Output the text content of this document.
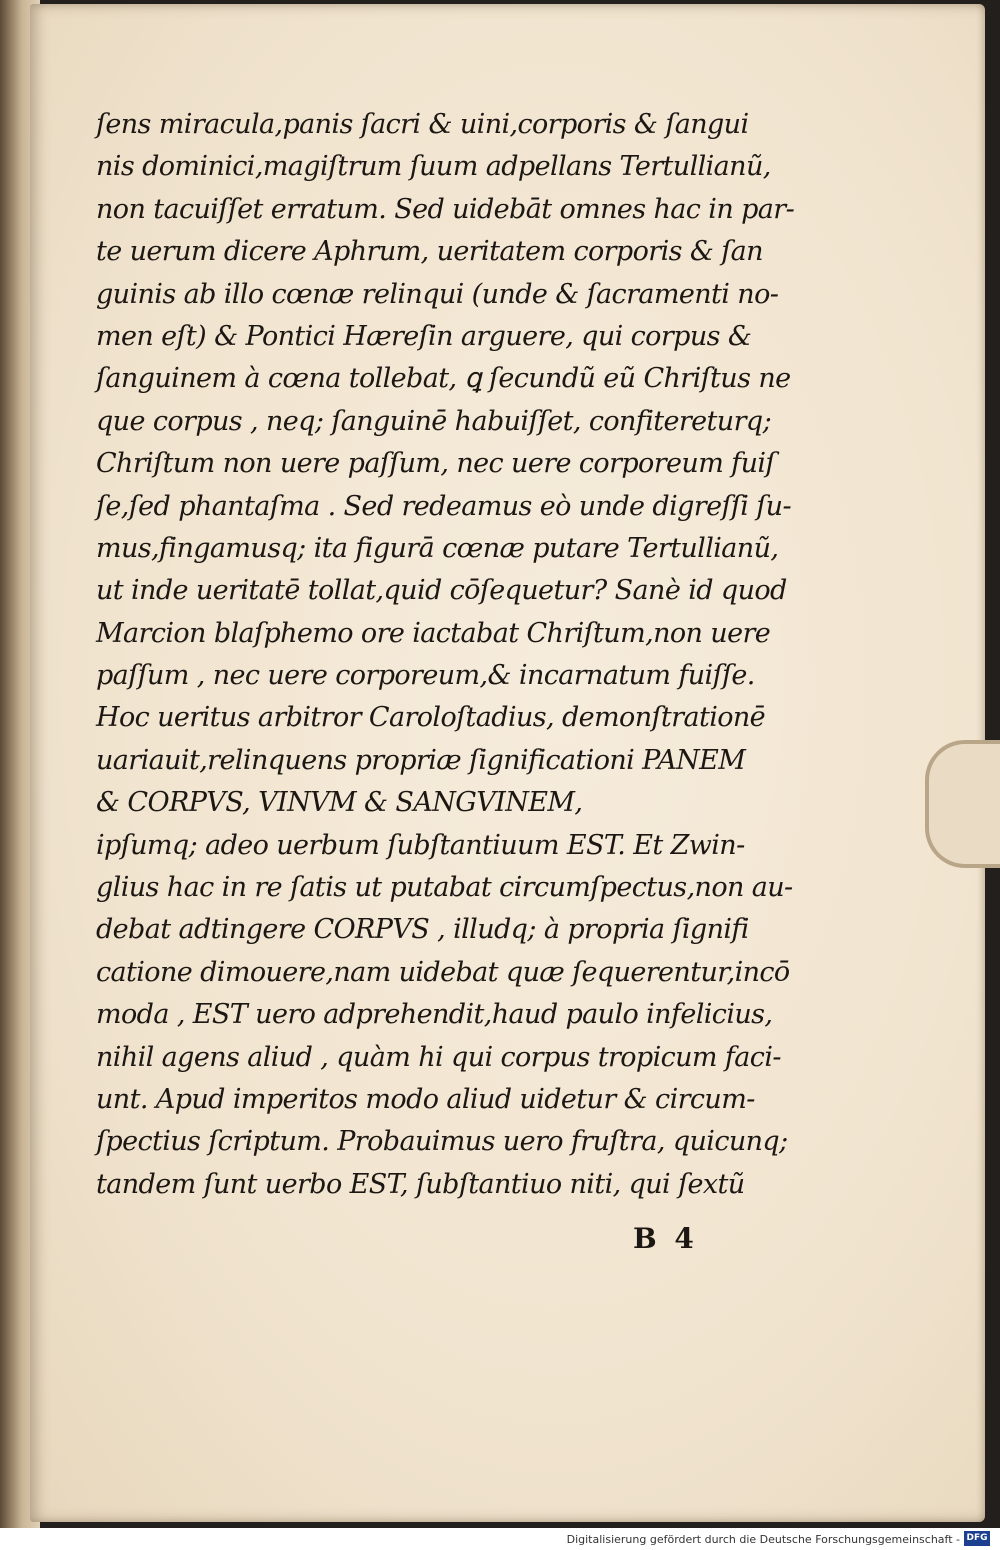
ſens miracula,panis ſacri & uini,corporis & ſangui
nis dominici,magiſtrum ſuum adpellans Tertullianũ,
non tacuiſſet erratum. Sed uidebāt omnes hac in par-
te uerum dicere Aphrum, ueritatem corporis & ſan
guinis ab illo cœnæ relinqui (unde & ſacramenti no-
men eſt) & Pontici Hæreſin arguere, qui corpus &
ſanguinem à cœna tollebat, ꝗ ſecundũ eũ Chriſtus ne
que corpus , neq; ſanguinē habuiſſet, confitereturq;
Chriſtum non uere paſſum, nec uere corporeum fuiſ
ſe,ſed phantaſma . Sed redeamus eò unde digreſſi ſu-
mus,fingamusq; ita figurā cœnæ putare Tertullianũ,
ut inde ueritatē tollat,quid cōſequetur? Sanè id quod
Marcion blaſphemo ore iactabat Chriſtum,non uere
paſſum , nec uere corporeum,& incarnatum fuiſſe.
Hoc ueritus arbitror Caroloſtadius, demonſtrationē
uariauit,relinquens propriæ ſignificationi PANEM
& CORPVS, VINVM & SANGVINEM,
ipſumq; adeo uerbum ſubſtantiuum EST. Et Zwin-
glius hac in re ſatis ut putabat circumſpectus,non au-
debat adtingere CORPVS , illudq; à propria ſignifi
catione dimouere,nam uidebat quæ ſequerentur,incō
moda , EST uero adprehendit,haud paulo infelicius,
nihil agens aliud , quàm hi qui corpus tropicum faci-
unt. Apud imperitos modo aliud uidetur & circum-
ſpectius ſcriptum. Probauimus uero fruſtra, quicunq;
tandem ſunt uerbo EST, ſubſtantiuo niti, qui ſextũ
B 4
Digitalisierung gefördert durch die Deutsche Forschungsgemeinschaft - DFG
